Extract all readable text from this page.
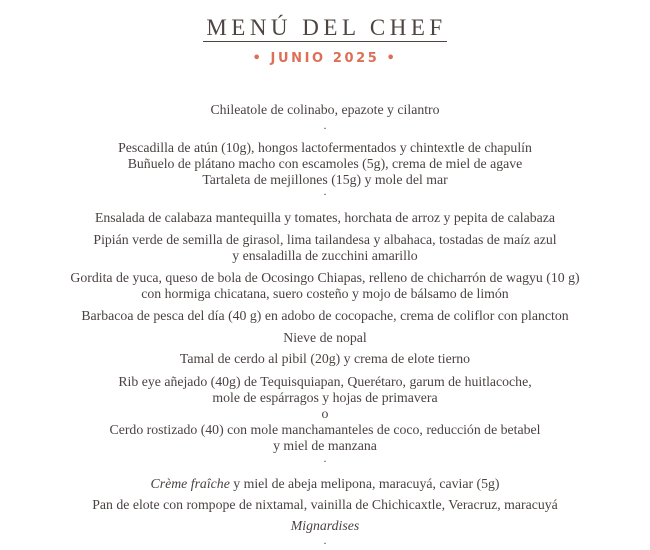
MENÚ DEL CHEF
• JUNIO 2025 •
Chileatole de colinabo, epazote y cilantro
·
Pescadilla de atún (10g), hongos lactofermentados y chintextle de chapulín
Buñuelo de plátano macho con escamoles (5g), crema de miel de agave
Tartaleta de mejillones (15g) y mole del mar
·
Ensalada de calabaza mantequilla y tomates, horchata de arroz y pepita de calabaza
Pipián verde de semilla de girasol, lima tailandesa y albahaca, tostadas de maíz azul
y ensaladilla de zucchini amarillo
Gordita de yuca, queso de bola de Ocosingo Chiapas, relleno de chicharrón de wagyu (10 g)
con hormiga chicatana, suero costeño y mojo de bálsamo de limón
Barbacoa de pesca del día (40 g) en adobo de cocopache, crema de coliflor con plancton
Nieve de nopal
Tamal de cerdo al pibil (20g) y crema de elote tierno
Rib eye añejado (40g) de Tequisquiapan, Querétaro, garum de huitlacoche,
mole de espárragos y hojas de primavera
o
Cerdo rostizado (40) con mole manchamanteles de coco, reducción de betabel
y miel de manzana
·
Crème fraîche y miel de abeja melipona, maracuyá, caviar (5g)
Pan de elote con rompope de nixtamal, vainilla de Chichicaxtle, Veracruz, maracuyá
Mignardises
·
